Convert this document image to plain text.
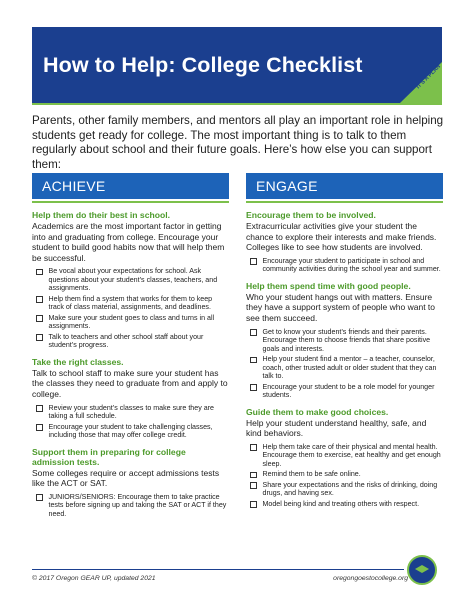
How to Help: College Checklist	IT'S A PLAN

Parents, other family members, and mentors all play an important role in helping students get ready for college. The most important thing is to talk to them regularly about school and their future goals. Here’s how else you can support them:

ACHIEVE
Help them do their best in school.
Academics are the most important factor in getting into and graduating from college. Encourage your student to build good habits now that will help them be successful.
Be vocal about your expectations for school. Ask questions about your student’s classes, teachers, and assignments.
Help them find a system that works for them to keep track of class material, assignments, and deadlines.
Make sure your student goes to class and turns in all assignments.
Talk to teachers and other school staff about your student’s progress.
Take the right classes.
Talk to school staff to make sure your student has the classes they need to graduate from and apply to college.
Review your student’s classes to make sure they are taking a full schedule.
Encourage your student to take challenging classes, including those that may offer college credit.
Support them in preparing for college admission tests.
Some colleges require or accept admissions tests like the ACT or SAT.
JUNIORS/SENIORS: Encourage them to take practice tests before signing up and taking the SAT or ACT if they need.
ENGAGE
Encourage them to be involved.
Extracurricular activities give your student the chance to explore their interests and make friends. Colleges like to see how students are involved.
Encourage your student to participate in school and community activities during the school year and summer.
Help them spend time with good people.
Who your student hangs out with matters. Ensure they have a support system of people who want to see them succeed.
Get to know your student’s friends and their parents. Encourage them to choose friends that share positive goals and interests.
Help your student find a mentor – a teacher, counselor, coach, other trusted adult or older student that they can talk to.
Encourage your student to be a role model for younger students.
Guide them to make good choices.
Help your student understand healthy, safe, and kind behaviors.
Help them take care of their physical and mental health. Encourage them to exercise, eat healthy and get enough sleep.
Remind them to be safe online.
Share your expectations and the risks of drinking, doing drugs, and having sex.
Model being kind and treating others with respect.
© 2017 Oregon GEAR UP, updated 2021	oregongoestocollege.org
